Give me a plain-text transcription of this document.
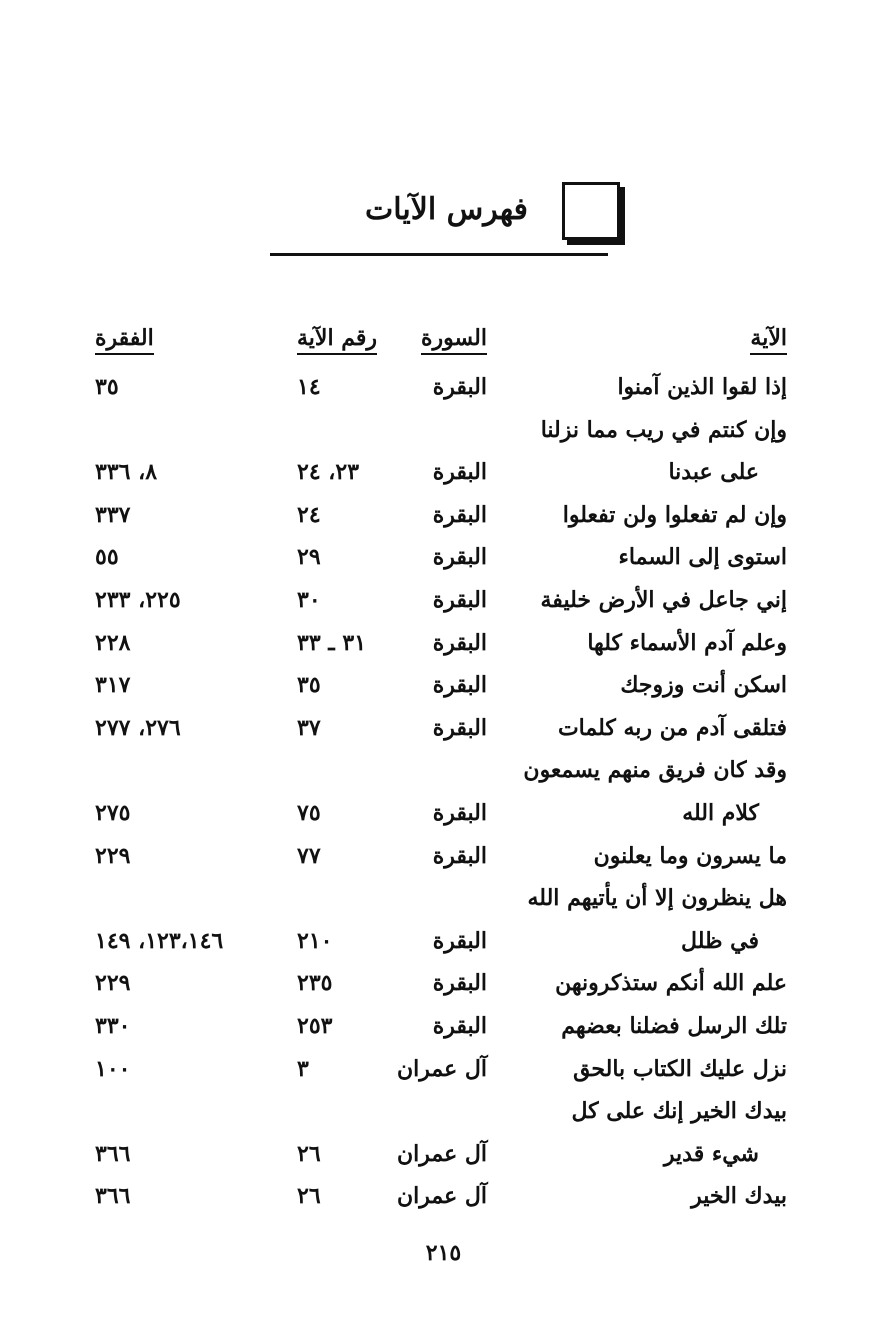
فهرس الآيات
الآية
السورة
رقم الآية
الفقرة
إذا لقوا الذين آمنوا
البقرة
١٤
٣٥
وإن كنتم في ريب مما نزلنا
على عبدنا
البقرة
٢٣، ٢٤
٨، ٣٣٦
وإن لم تفعلوا ولن تفعلوا
البقرة
٢٤
٣٣٧
استوى إلى السماء
البقرة
٢٩
٥٥
إني جاعل في الأرض خليفة
البقرة
٣٠
٢٢٥، ٢٣٣
وعلم آدم الأسماء كلها
البقرة
٣١ ـ ٣٣
٢٢٨
اسكن أنت وزوجك
البقرة
٣٥
٣١٧
فتلقى آدم من ربه كلمات
البقرة
٣٧
٢٧٦، ٢٧٧
وقد كان فريق منهم يسمعون
كلام الله
البقرة
٧٥
٢٧٥
ما يسرون وما يعلنون
البقرة
٧٧
٢٢٩
هل ينظرون إلا أن يأتيهم الله
في ظلل
البقرة
٢١٠
١٢٣،١٤٦، ١٤٩
علم الله أنكم ستذكرونهن
البقرة
٢٣٥
٢٢٩
تلك الرسل فضلنا بعضهم
البقرة
٢٥٣
٣٣٠
نزل عليك الكتاب بالحق
آل عمران
٣
١٠٠
بيدك الخير إنك على كل
شيء قدير
آل عمران
٢٦
٣٦٦
بيدك الخير
آل عمران
٢٦
٣٦٦
٢١٥
